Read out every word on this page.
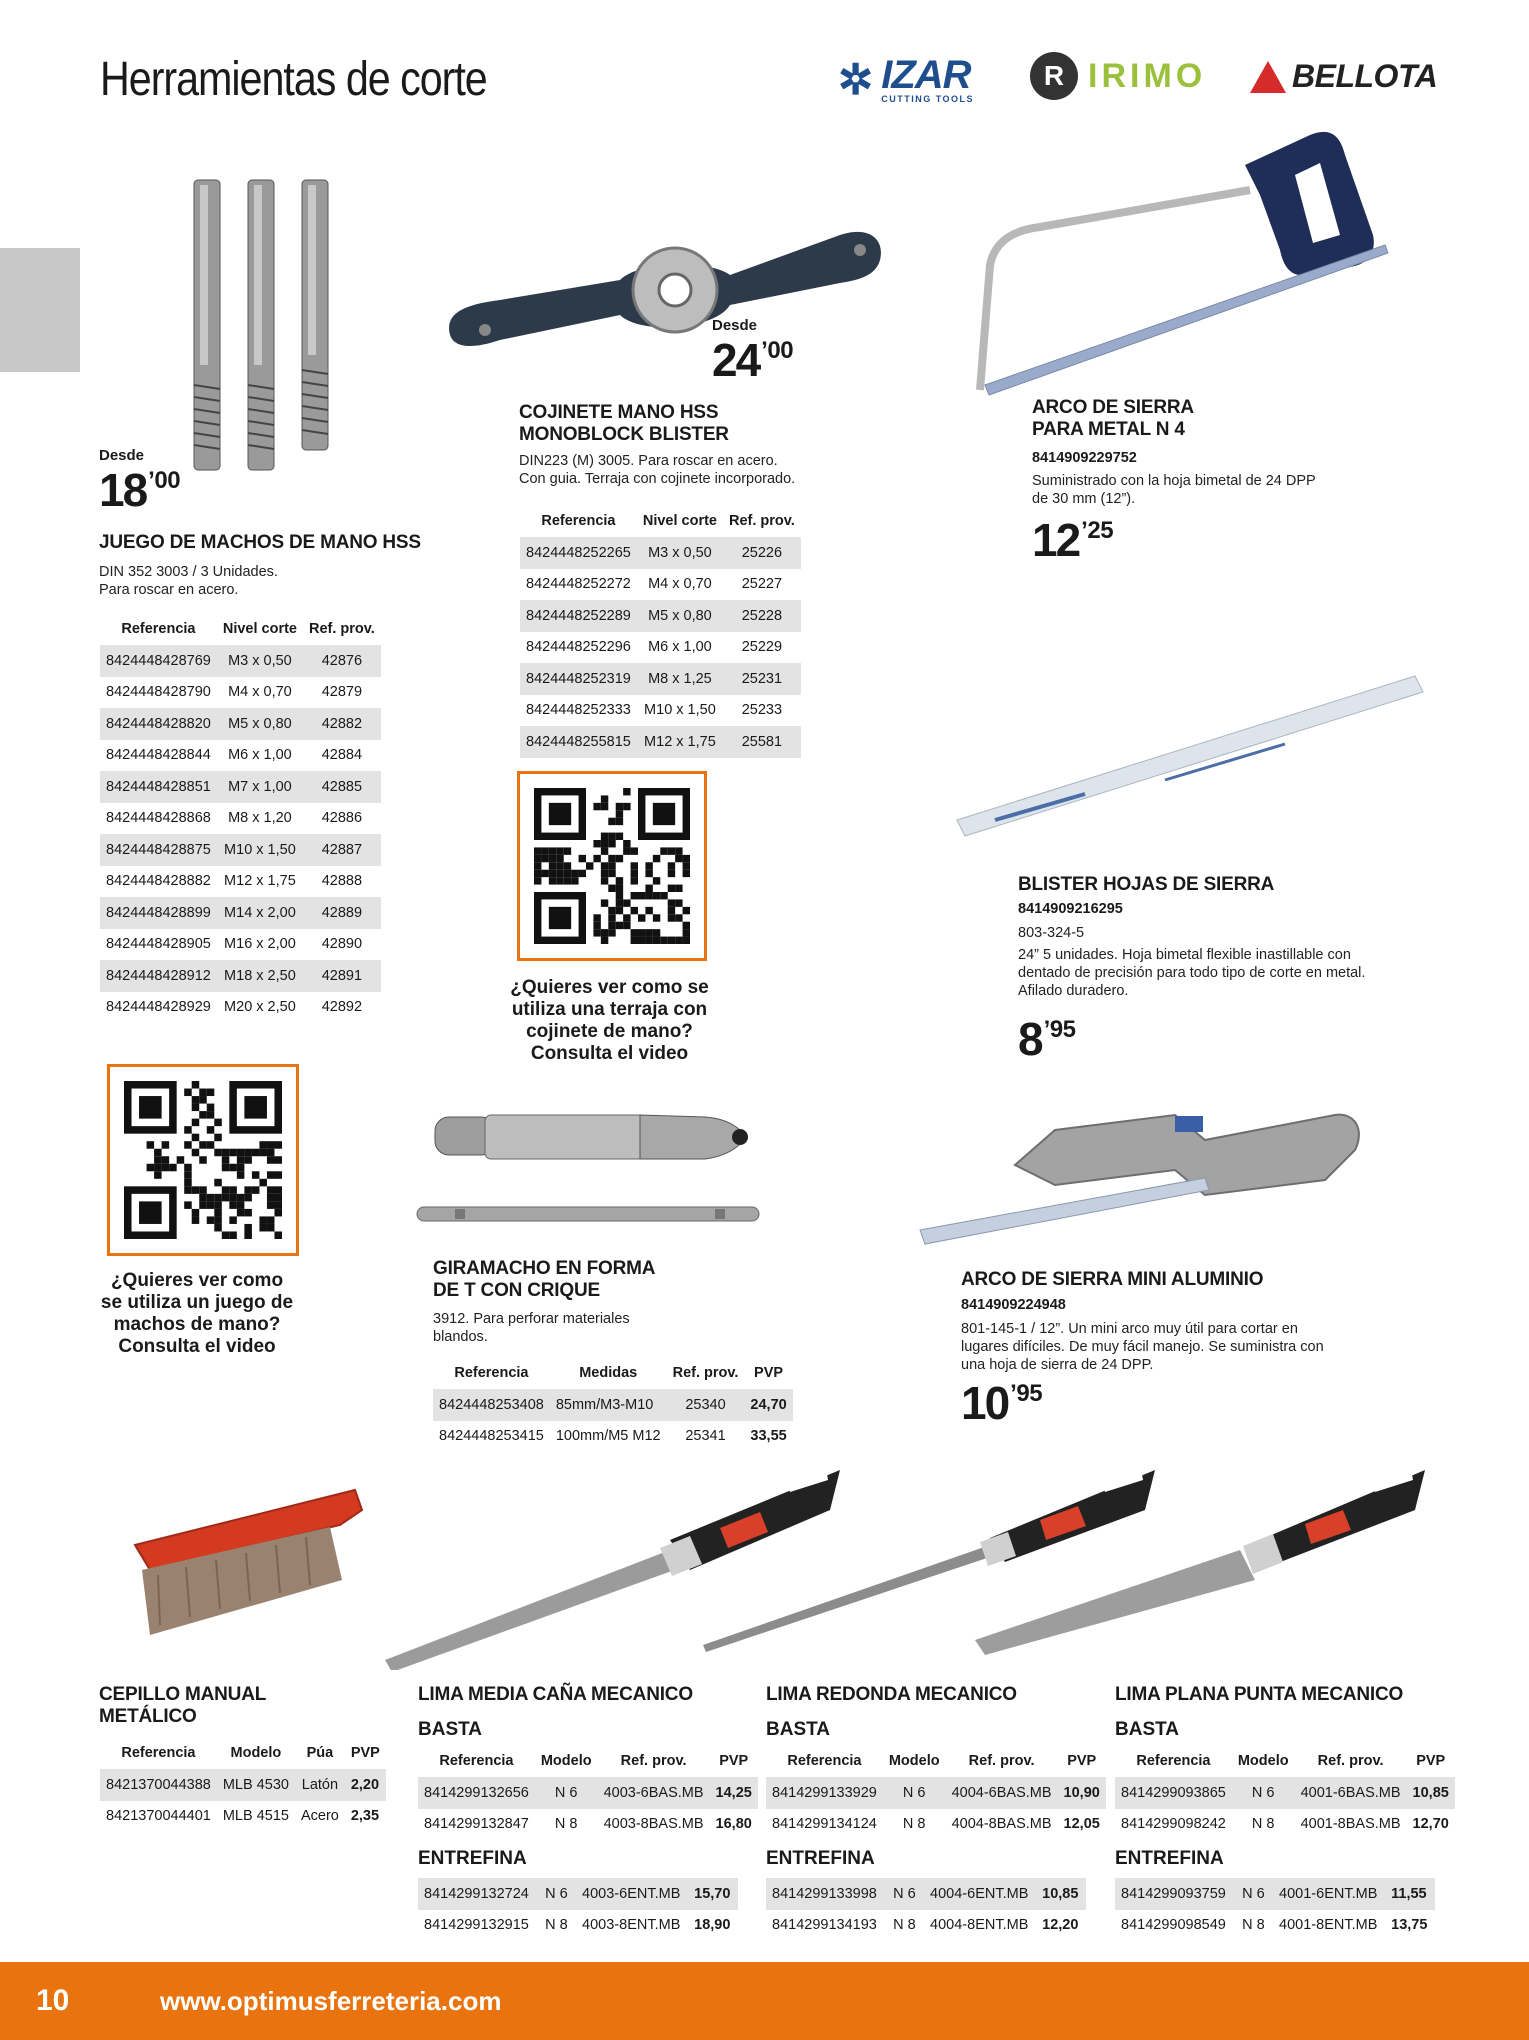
Herramientas de corte	✲ IZAR
CUTTING TOOLS
R IRIMO	BELLOTA
Desde
18 ’00
JUEGO DE MACHOS DE MANO HSS
DIN 352 3003 / 3 Unidades.
Para roscar en acero.
Referencia	Nivel corte	Ref. prov.
8424448428769	M3 x 0,50	42876
8424448428790	M4 x 0,70	42879
8424448428820	M5 x 0,80	42882
8424448428844	M6 x 1,00	42884
8424448428851	M7 x 1,00	42885
8424448428868	M8 x 1,20	42886
8424448428875	M10 x 1,50	42887
8424448428882	M12 x 1,75	42888
8424448428899	M14 x 2,00	42889
8424448428905	M16 x 2,00	42890
8424448428912	M18 x 2,50	42891
8424448428929	M20 x 2,50	42892
¿Quieres ver como
se utiliza un juego de
machos de mano?
Consulta el video
Desde
24 ’00
COJINETE MANO HSS
MONOBLOCK BLISTER
DIN223 (M) 3005. Para roscar en acero.
Con guia. Terraja con cojinete incorporado.
Referencia	Nivel corte	Ref. prov.
8424448252265	M3 x 0,50	25226
8424448252272	M4 x 0,70	25227
8424448252289	M5 x 0,80	25228
8424448252296	M6 x 1,00	25229
8424448252319	M8 x 1,25	25231
8424448252333	M10 x 1,50	25233
8424448255815	M12 x 1,75	25581
¿Quieres ver como se
utiliza una terraja con
cojinete de mano?
Consulta el video
GIRAMACHO EN FORMA
DE T CON CRIQUE
3912. Para perforar materiales
blandos.
Referencia	Medidas	Ref. prov.	PVP
8424448253408	85mm/M3-M10	25340	24,70
8424448253415	100mm/M5 M12	25341	33,55
ARCO DE SIERRA
PARA METAL N 4
8414909229752
Suministrado con la hoja bimetal de 24 DPP
de 30 mm (12”).
12 ’25
BLISTER HOJAS DE SIERRA
8414909216295
803-324-5
24” 5 unidades. Hoja bimetal flexible inastillable con
dentado de precisión para todo tipo de corte en metal.
Afilado duradero.
8 ’95
ARCO DE SIERRA MINI ALUMINIO
8414909224948
801-145-1 / 12”. Un mini arco muy útil para cortar en
lugares difíciles. De muy fácil manejo. Se suministra con
una hoja de sierra de 24 DPP.
10 ’95
CEPILLO MANUAL
METÁLICO
Referencia	Modelo	Púa	PVP
8421370044388	MLB 4530	Latón	2,20
8421370044401	MLB 4515	Acero	2,35
LIMA MEDIA CAÑA MECANICO
BASTA
Referencia	Modelo	Ref. prov.	PVP
8414299132656	N 6	4003-6BAS.MB	14,25
8414299132847	N 8	4003-8BAS.MB	16,80
ENTREFINA
8414299132724	N 6	4003-6ENT.MB	15,70
8414299132915	N 8	4003-8ENT.MB	18,90
LIMA REDONDA MECANICO
BASTA
Referencia	Modelo	Ref. prov.	PVP
8414299133929	N 6	4004-6BAS.MB	10,90
8414299134124	N 8	4004-8BAS.MB	12,05
ENTREFINA
8414299133998	N 6	4004-6ENT.MB	10,85
8414299134193	N 8	4004-8ENT.MB	12,20
LIMA PLANA PUNTA MECANICO
BASTA
Referencia	Modelo	Ref. prov.	PVP
8414299093865	N 6	4001-6BAS.MB	10,85
8414299098242	N 8	4001-8BAS.MB	12,70
ENTREFINA
8414299093759	N 6	4001-6ENT.MB	11,55
8414299098549	N 8	4001-8ENT.MB	13,75
10	www.optimusferreteria.com
